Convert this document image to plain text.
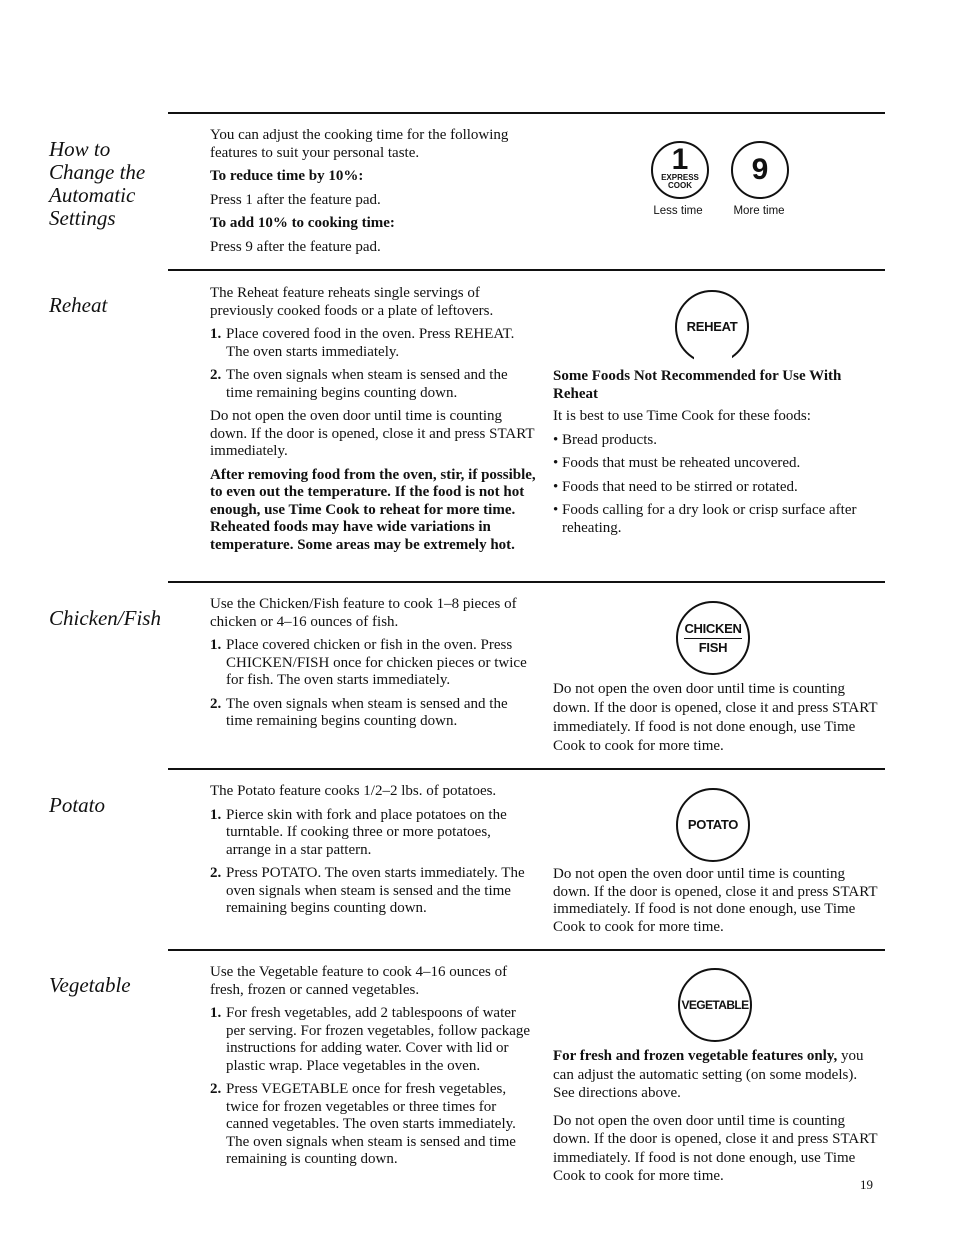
How to Change the Automatic Settings

You can adjust the cooking time for the following features to suit your personal taste.

To reduce time by 10%:

Press 1 after the feature pad.

To add 10% to cooking time:

Press 9 after the feature pad.

1
EXPRESS
COOK 9
Less time	More time
Reheat	The Reheat feature reheats single servings of previously cooked foods or a plate of leftovers.

1. Place covered food in the oven. Press REHEAT. The oven starts immediately.
2. The oven signals when steam is sensed and the time remaining begins counting down.

Do not open the oven door until time is counting down. If the door is opened, close it and press START immediately.

After removing food from the oven, stir, if possible, to even out the temperature. If the food is not hot enough, use Time Cook to reheat for more time. Reheated foods may have wide variations in temperature. Some areas may be extremely hot.

REHEAT

Some Foods Not Recommended for Use With Reheat

It is best to use Time Cook for these foods:

• Bread products.
• Foods that must be reheated uncovered.
• Foods that need to be stirred or rotated.
• Foods calling for a dry look or crisp surface after reheating.
Chicken/Fish

Use the Chicken/Fish feature to cook 1–8 pieces of chicken or 4–16 ounces of fish.

1. Place covered chicken or fish in the oven. Press CHICKEN/FISH once for chicken pieces or twice for fish. The oven starts immediately.
2. The oven signals when steam is sensed and the time remaining begins counting down.
CHICKEN
FISH

Do not open the oven door until time is counting down. If the door is opened, close it and press START immediately. If food is not done enough, use Time Cook to cook for more time.

Potato

The Potato feature cooks 1/2–2 lbs. of potatoes.

1. Pierce skin with fork and place potatoes on the turntable. If cooking three or more potatoes, arrange in a star pattern.
2. Press POTATO. The oven starts immediately. The oven signals when steam is sensed and the time remaining begins counting down.
POTATO

Do not open the oven door until time is counting down. If the door is opened, close it and press START immediately. If food is not done enough, use Time Cook to cook for more time.

Vegetable

Use the Vegetable feature to cook 4–16 ounces of fresh, frozen or canned vegetables.

1. For fresh vegetables, add 2 tablespoons of water per serving. For frozen vegetables, follow package instructions for adding water. Cover with lid or plastic wrap. Place vegetables in the oven.
2. Press VEGETABLE once for fresh vegetables, twice for frozen vegetables or three times for canned vegetables. The oven starts immediately. The oven signals when steam is sensed and time remaining is counting down.
VEGETABLE

For fresh and frozen vegetable features only, you can adjust the automatic setting (on some models). See directions above.

Do not open the oven door until time is counting down. If the door is opened, close it and press START immediately. If food is not done enough, use Time Cook to cook for more time.

19
